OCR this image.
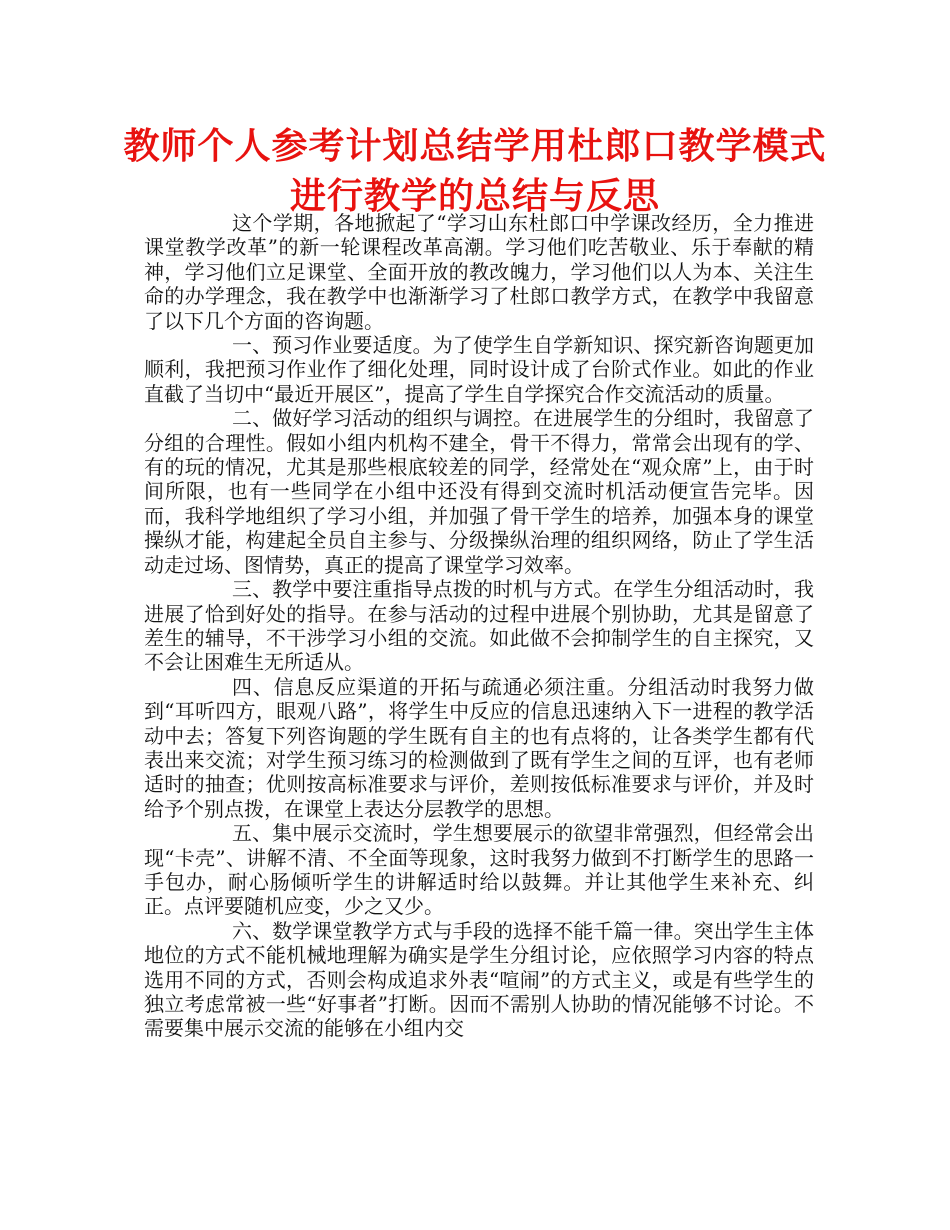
教师个人参考计划总结学用杜郎口教学模式进行教学的总结与反思

这个学期，各地掀起了“学习山东杜郎口中学课改经历，全力推进课堂教学改革”的新一轮课程改革高潮。学习他们吃苦敬业、乐于奉献的精神，学习他们立足课堂、全面开放的教改魄力，学习他们以人为本、关注生命的办学理念，我在教学中也渐渐学习了杜郎口教学方式，在教学中我留意了以下几个方面的咨询题。

一、预习作业要适度。为了使学生自学新知识、探究新咨询题更加顺利，我把预习作业作了细化处理，同时设计成了台阶式作业。如此的作业直截了当切中“最近开展区”，提高了学生自学探究合作交流活动的质量。

二、做好学习活动的组织与调控。在进展学生的分组时，我留意了分组的合理性。假如小组内机构不建全，骨干不得力，常常会出现有的学、有的玩的情况，尤其是那些根底较差的同学，经常处在“观众席”上，由于时间所限，也有一些同学在小组中还没有得到交流时机活动便宣告完毕。因而，我科学地组织了学习小组，并加强了骨干学生的培养，加强本身的课堂操纵才能，构建起全员自主参与、分级操纵治理的组织网络，防止了学生活动走过场、图情势，真正的提高了课堂学习效率。

三、教学中要注重指导点拨的时机与方式。在学生分组活动时，我进展了恰到好处的指导。在参与活动的过程中进展个别协助，尤其是留意了差生的辅导，不干涉学习小组的交流。如此做不会抑制学生的自主探究，又不会让困难生无所适从。

四、信息反应渠道的开拓与疏通必须注重。分组活动时我努力做到“耳听四方，眼观八路”，将学生中反应的信息迅速纳入下一进程的教学活动中去；答复下列咨询题的学生既有自主的也有点将的，让各类学生都有代表出来交流；对学生预习练习的检测做到了既有学生之间的互评，也有老师适时的抽查；优则按高标准要求与评价，差则按低标准要求与评价，并及时给予个别点拨，在课堂上表达分层教学的思想。

五、集中展示交流时，学生想要展示的欲望非常强烈，但经常会出现“卡壳”、讲解不清、不全面等现象，这时我努力做到不打断学生的思路一手包办，耐心肠倾听学生的讲解适时给以鼓舞。并让其他学生来补充、纠正。点评要随机应变，少之又少。

六、数学课堂教学方式与手段的选择不能千篇一律。突出学生主体地位的方式不能机械地理解为确实是学生分组讨论，应依照学习内容的特点选用不同的方式，否则会构成追求外表“喧闹”的方式主义，或是有些学生的独立考虑常被一些“好事者”打断。因而不需别人协助的情况能够不讨论。不需要集中展示交流的能够在小组内交
